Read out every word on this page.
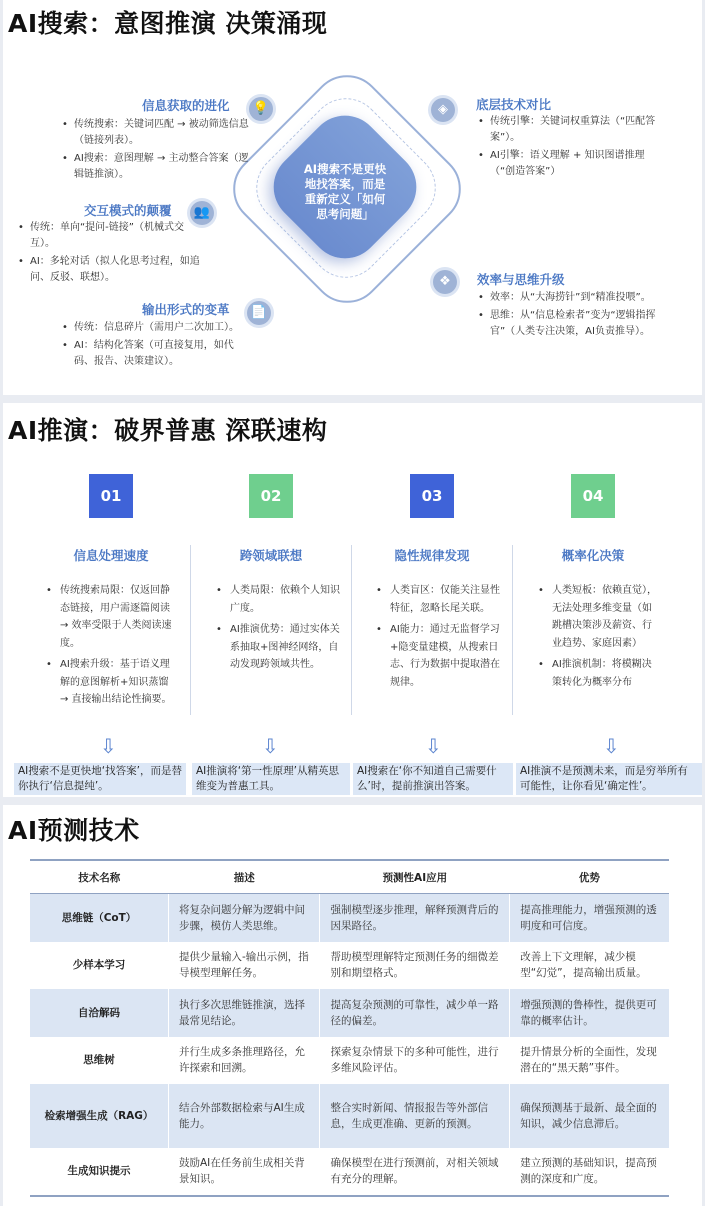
AI搜索：意图推演 决策涌现
AI搜索不是更快地找答案，而是重新定义「如何思考问题」
信息获取的进化	💡
• 传统搜索：关键词匹配 → 被动筛选信息（链接列表）。
• AI搜索：意图理解 → 主动整合答案（逻辑链推演）。
交互模式的颠覆	👥
• 传统：单向“提问-链接”（机械式交互）。
• AI：多轮对话（拟人化思考过程，如追问、反驳、联想）。
输出形式的变革	📄
• 传统：信息碎片（需用户二次加工）。
• AI：结构化答案（可直接复用，如代码、报告、决策建议）。
◈	底层技术对比
• 传统引擎：关键词权重算法（“匹配答案”）。
• AI引擎：语义理解 + 知识图谱推理（“创造答案”）
❖	效率与思维升级
• 效率：从“大海捞针”到“精准投喂”。
• 思维：从“信息检索者”变为“逻辑指挥官”（人类专注决策，AI负责推导）。
AI推演：破界普惠 深联速构
01	02	03	04
信息处理速度	跨领域联想	隐性规律发现	概率化决策
• 传统搜索局限：仅返回静态链接，用户需逐篇阅读 → 效率受限于人类阅读速度。
• AI搜索升级：基于语义理解的意图解析+知识蒸馏 → 直接输出结论性摘要。
• 人类局限：依赖个人知识广度。
• AI推演优势：通过实体关系抽取+图神经网络，自动发现跨领域共性。
• 人类盲区：仅能关注显性特征，忽略长尾关联。
• AI能力：通过无监督学习+隐变量建模，从搜索日志、行为数据中提取潜在规律。
• 人类短板：依赖直觉），无法处理多维变量（如跳槽决策涉及薪资、行业趋势、家庭因素）
• AI推演机制：将模糊决策转化为概率分布
⇩	⇩	⇩	⇩
AI搜索不是更快地‘找答案’，而是替你执行‘信息提纯’。
AI推演将‘第一性原理’从精英思维变为普惠工具。
AI搜索在‘你不知道自己需要什么’时，提前推演出答案。
AI推演不是预测未来，而是穷举所有可能性，让你看见‘确定性’。
AI预测技术
技术名称	描述	预测性AI应用	优势
思维链（CoT）	将复杂问题分解为逻辑中间步骤，模仿人类思维。	强制模型逐步推理，解释预测背后的因果路径。	提高推理能力，增强预测的透明度和可信度。
少样本学习	提供少量输入-输出示例，指导模型理解任务。	帮助模型理解特定预测任务的细微差别和期望格式。	改善上下文理解，减少模型“幻觉”，提高输出质量。
自洽解码	执行多次思维链推演，选择最常见结论。	提高复杂预测的可靠性，减少单一路径的偏差。	增强预测的鲁棒性，提供更可靠的概率估计。
思维树	并行生成多条推理路径，允许探索和回溯。	探索复杂情景下的多种可能性，进行多维风险评估。	提升情景分析的全面性，发现潜在的“黑天鹅”事件。
检索增强生成（RAG）	结合外部数据检索与AI生成能力。	整合实时新闻、情报报告等外部信息，生成更准确、更新的预测。	确保预测基于最新、最全面的知识，减少信息滞后。
生成知识提示	鼓励AI在任务前生成相关背景知识。	确保模型在进行预测前，对相关领域有充分的理解。	建立预测的基础知识，提高预测的深度和广度。
